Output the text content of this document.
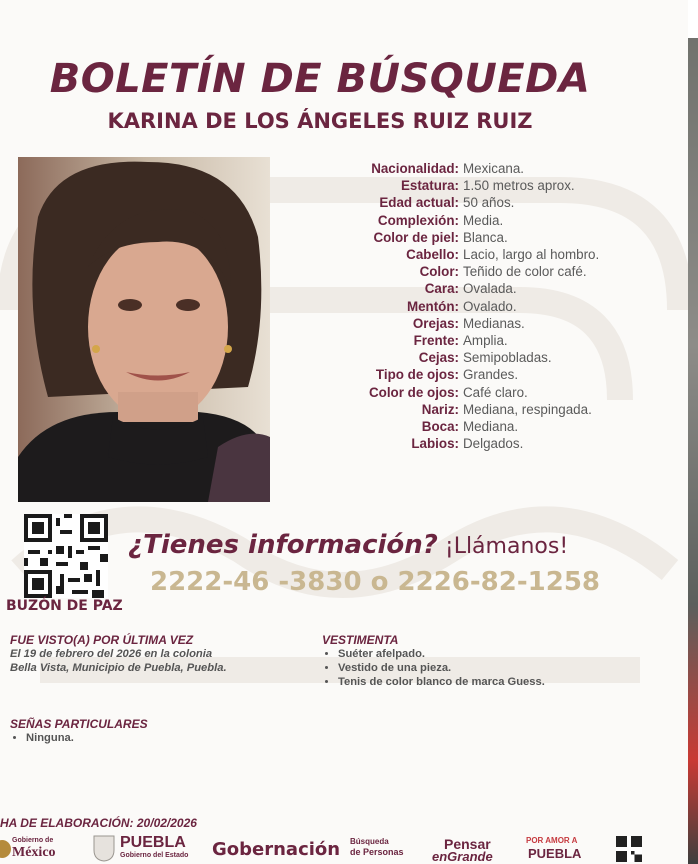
BOLETÍN DE BÚSQUEDA
KARINA DE LOS ÁNGELES RUIZ RUIZ
Nacionalidad: Mexicana.
Estatura: 1.50 metros aprox.
Edad actual: 50 años.
Complexión: Media.
Color de piel: Blanca.
Cabello: Lacio, largo al hombro.
Color: Teñido de color café.
Cara: Ovalada.
Mentón: Ovalado.
Orejas: Medianas.
Frente: Amplia.
Cejas: Semipobladas.
Tipo de ojos: Grandes.
Color de ojos: Café claro.
Nariz: Mediana, respingada.
Boca: Mediana.
Labios: Delgados.
BUZÓN DE PAZ
¿Tienes información? ¡Llámanos!
2222-46 -3830 o 2226-82-1258
FUE VISTO(A) POR ÚLTIMA VEZ
El 19 de febrero del 2026 en la colonia
Bella Vista, Municipio de Puebla, Puebla.
VESTIMENTA
• Suéter afelpado.
• Vestido de una pieza.
• Tenis de color blanco de marca Guess.
SEÑAS PARTICULARES
• Ninguna.
HA DE ELABORACIÓN: 20/02/2026
Gobierno de
México
PUEBLA
Gobierno del Estado Gobernación Búsqueda
de Personas	Pensar
enGrande
POR AMOR A
PUEBLA
